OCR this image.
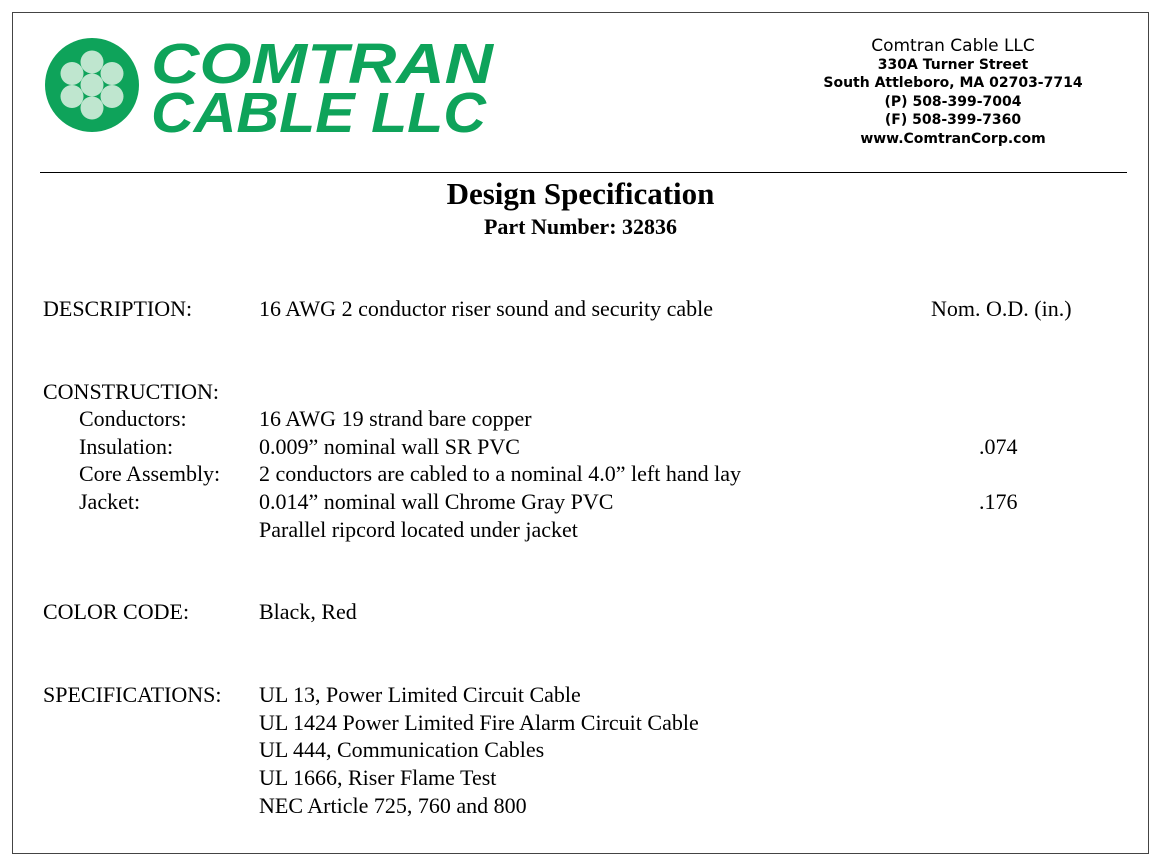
COMTRAN
CABLE LLC
Comtran Cable LLC
330A Turner Street
South Attleboro, MA 02703-7714
(P) 508-399-7004
(F) 508-399-7360
www.ComtranCorp.com
Design Specification
Part Number: 32836
DESCRIPTION:	16 AWG 2 conductor riser sound and security cable	Nom. O.D. (in.)
CONSTRUCTION:
Conductors:	16 AWG 19 strand bare copper
Insulation:	0.009” nominal wall SR PVC	.074
Core Assembly: 2 conductors are cabled to a nominal 4.0” left hand lay
Jacket:	0.014” nominal wall Chrome Gray PVC	.176
Parallel ripcord located under jacket
COLOR CODE:	Black, Red
SPECIFICATIONS: UL 13, Power Limited Circuit Cable
UL 1424 Power Limited Fire Alarm Circuit Cable
UL 444, Communication Cables
UL 1666, Riser Flame Test
NEC Article 725, 760 and 800
